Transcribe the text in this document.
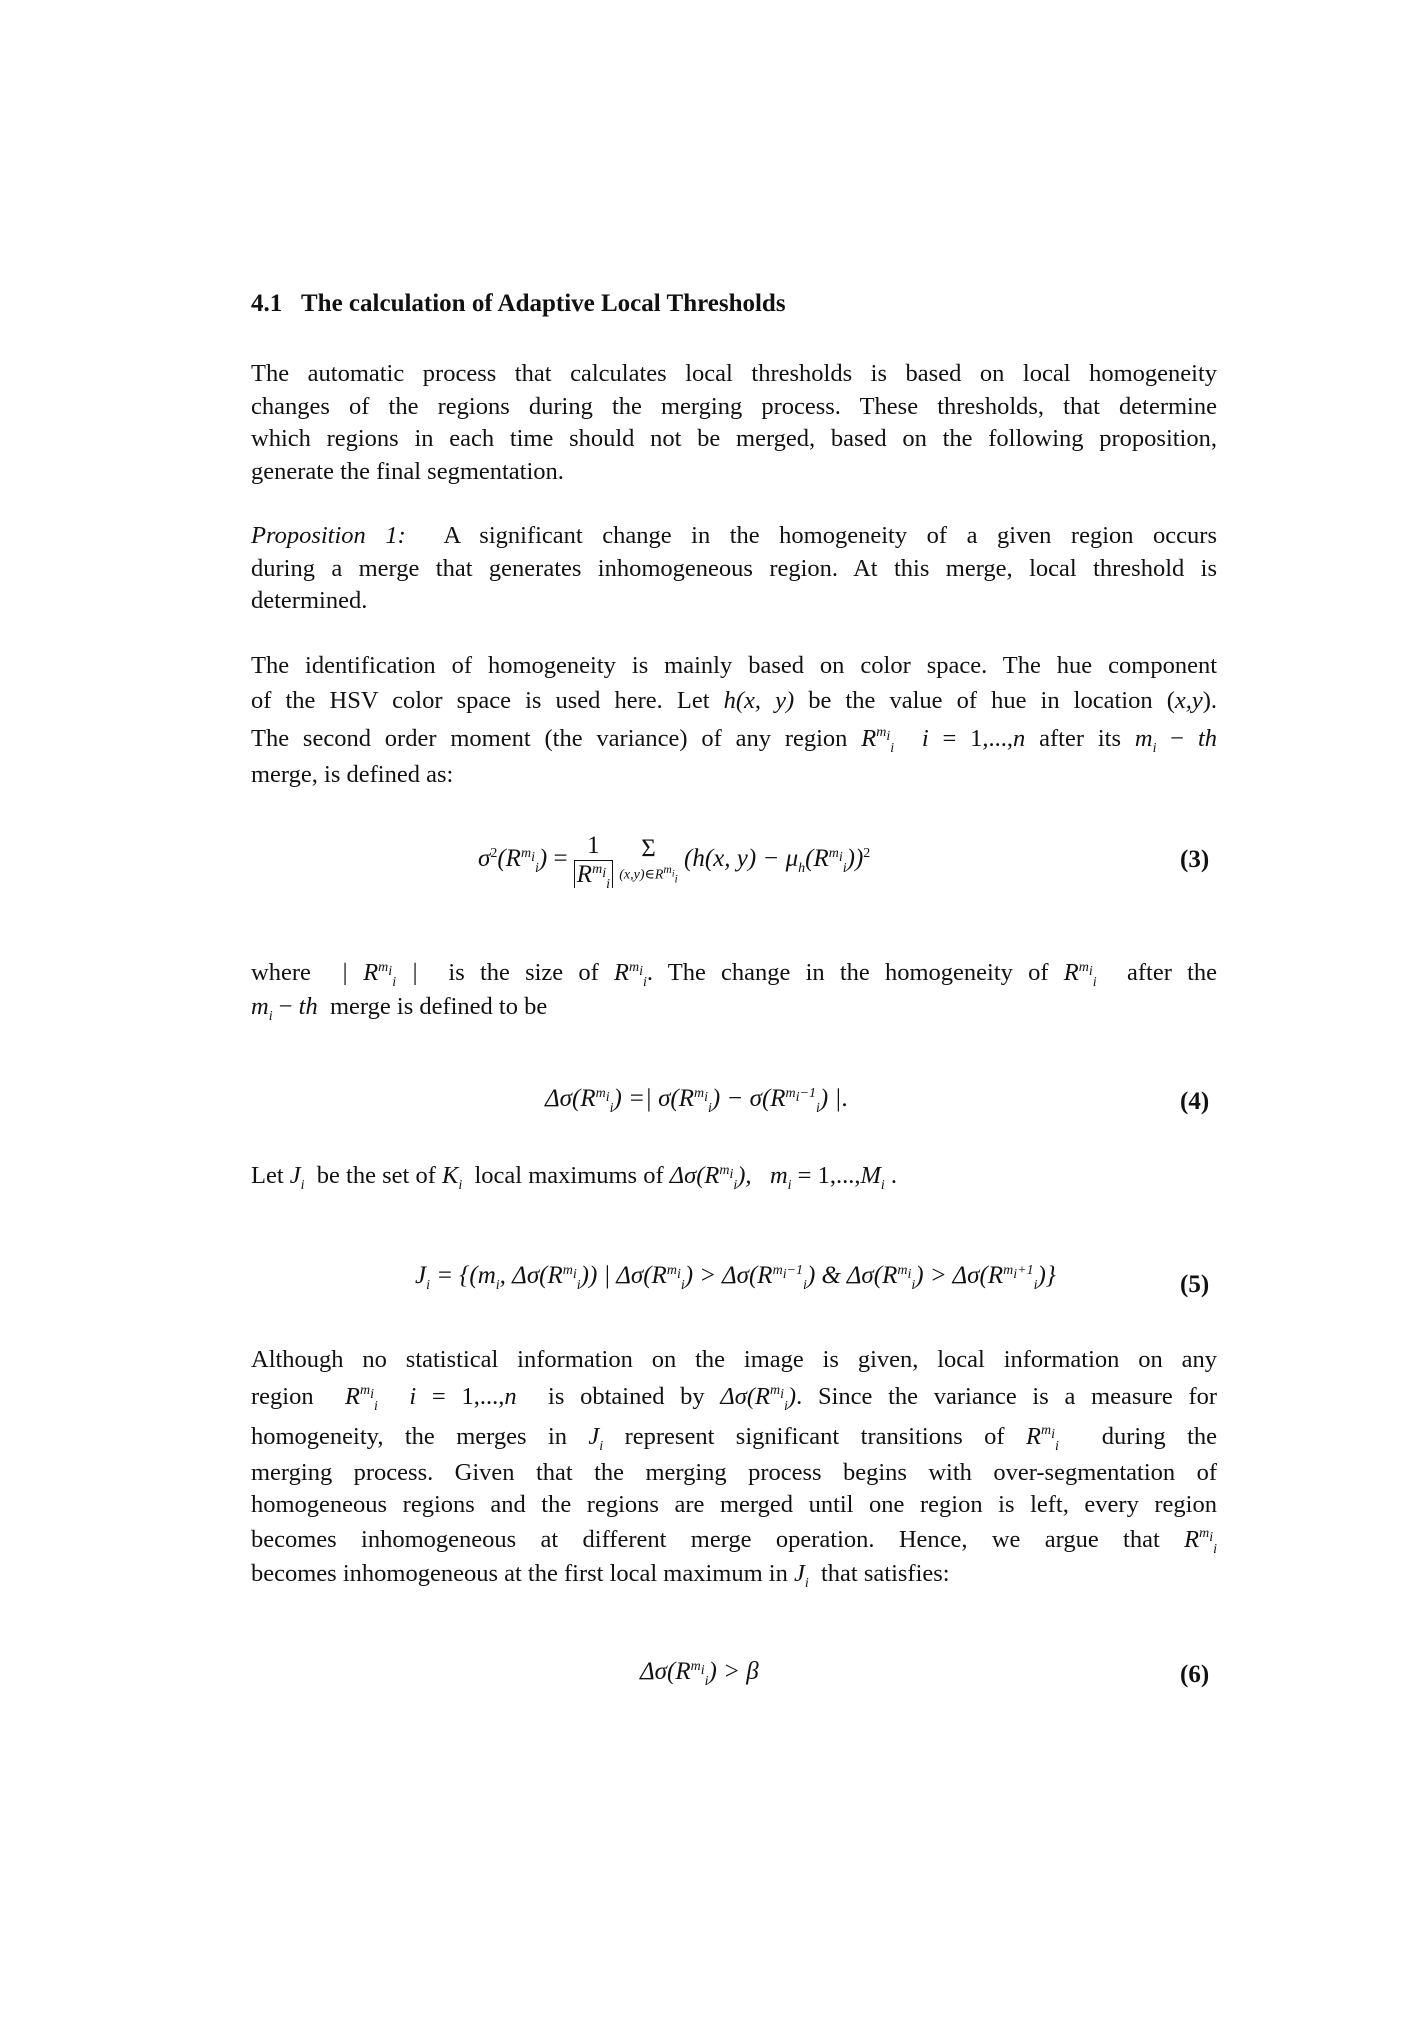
4.1 The calculation of Adaptive Local Thresholds
The automatic process that calculates local thresholds is based on local homogeneity
changes of the regions during the merging process. These thresholds, that determine
which regions in each time should not be merged, based on the following proposition,
generate the final segmentation.
Proposition 1: A significant change in the homogeneity of a given region occurs
during a merge that generates inhomogeneous region. At this merge, local threshold is
determined.
The identification of homogeneity is mainly based on color space. The hue component
of the HSV color space is used here. Let h(x, y) be the value of hue in location (x,y).
The second order moment (the variance) of any region $R^{m_i}_i$ i = 1,...,n after its $m_i$ − th
merge, is defined as:
$\sigma^2(R^{m_i}_i) = \frac{1}{R^{m_i}_i}$
	Σ
$(x,y)\in R^{m_i}_i$
(h(x, $y) - \mu_h(R^{m_i}_i))^2$	(3)
where | $R^{m_i}_i$ | is the size of $R^{m_i}_i$. The change in the homogeneity of $R^{m_i}_i$ after the
$m_i$ − th merge is defined to be
$\Delta\sigma(R^{m_i}_i)$ =| $\sigma(R^{m_i}_i) - \sigma(R^{m_i-1}_i)$ |.	(4)
Let $J_i$ be the set of $K_i$ local maximums of $\Delta\sigma(R^{m_i}_i)$, $m_i = 1,...,M_i$ .
$J_i = \{(m_i$, $\Delta\sigma(R^{m_i}_i)$) | $\Delta\sigma(R^{m_i}_i) > \Delta\sigma(R^{m_i-1}_i)$ & $\Delta\sigma(R^{m_i}_i) > \Delta\sigma(R^{m_i+1}_i)$}	(5)
Although no statistical information on the image is given, local information on any
region $R^{m_i}_i$ i = 1,...,n is obtained by $\Delta\sigma(R^{m_i}_i)$. Since the variance is a measure for
homogeneity, the merges in $J_i$ represent significant transitions of $R^{m_i}_i$ during the
merging process. Given that the merging process begins with over-segmentation of
homogeneous regions and the regions are merged until one region is left, every region
becomes inhomogeneous at different merge operation. Hence, we argue that $R^{m_i}_i$
becomes inhomogeneous at the first local maximum in $J_i$ that satisfies:
$\Delta\sigma(R^{m_i}_i) > \beta$	(6)
